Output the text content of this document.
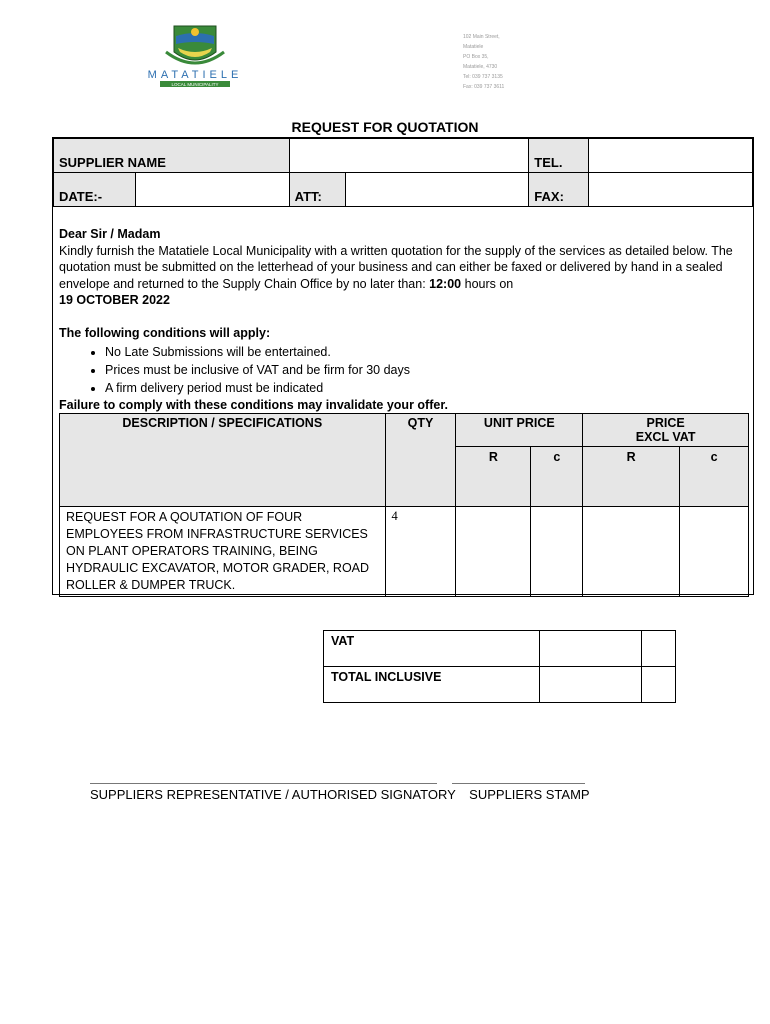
MATATIELE
LOCAL MUNICIPALITY
102 Main Street,
Matatiele
PO Box 35,
Matatiele, 4730
Tel: 039 737 3135
Fax: 039 737 3611
REQUEST FOR QUOTATION
SUPPLIER NAME				TEL.	
DATE:-		ATT:		FAX:	

Dear Sir / Madam

Kindly furnish the Matatiele Local Municipality with a written quotation for the supply of the services as detailed below. The quotation must be submitted on the letterhead of your business and can either be faxed or delivered by hand in a sealed envelope and returned to the Supply Chain Office by no later than: 12:00 hours on

19 OCTOBER 2022

The following conditions will apply:

• No Late Submissions will be entertained.
• Prices must be inclusive of VAT and be firm for 30 days
• A firm delivery period must be indicated
Failure to comply with these conditions may invalidate your offer.
DESCRIPTION / SPECIFICATIONS	QTY	UNIT PRICE		PRICE
EXCL VAT	
		R	c	R	c
REQUEST FOR A QOUTATION OF FOUR EMPLOYEES FROM INFRASTRUCTURE SERVICES ON PLANT OPERATORS TRAINING, BEING HYDRAULIC EXCAVATOR, MOTOR GRADER, ROAD ROLLER & DUMPER TRUCK.	4				
VAT		
TOTAL INCLUSIVE		
SUPPLIERS REPRESENTATIVE / AUTHORISED SIGNATORY SUPPLIERS STAMP
